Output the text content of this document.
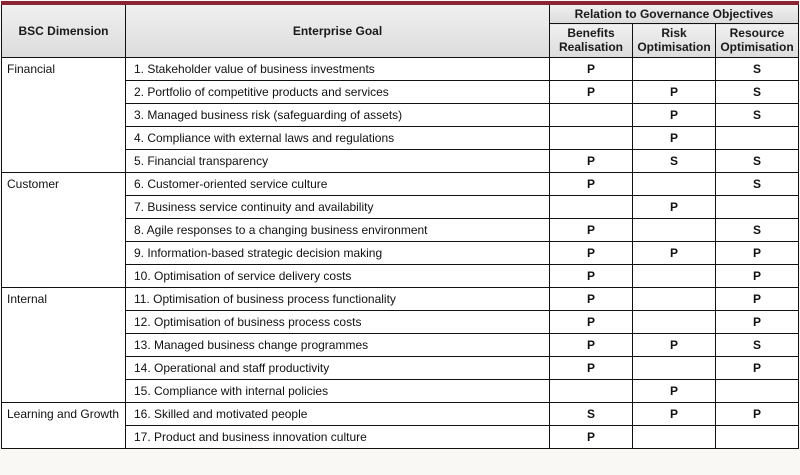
BSC Dimension	Enterprise Goal	Relation to Governance Objectives		
		Benefits Realisation	Risk Optimisation	Resource Optimisation
Financial	1. Stakeholder value of business investments	P		S
	2. Portfolio of competitive products and services	P	P	S
	3. Managed business risk (safeguarding of assets)		P	S
	4. Compliance with external laws and regulations		P	
	5. Financial transparency	P	S	S
Customer	6. Customer-oriented service culture	P		S
	7. Business service continuity and availability		P	
	8. Agile responses to a changing business environment	P		S
	9. Information-based strategic decision making	P	P	P
	10. Optimisation of service delivery costs	P		P
Internal	11. Optimisation of business process functionality	P		P
	12. Optimisation of business process costs	P		P
	13. Managed business change programmes	P	P	S
	14. Operational and staff productivity	P		P
	15. Compliance with internal policies		P	
Learning and Growth	16. Skilled and motivated people	S	P	P
	17. Product and business innovation culture	P		
